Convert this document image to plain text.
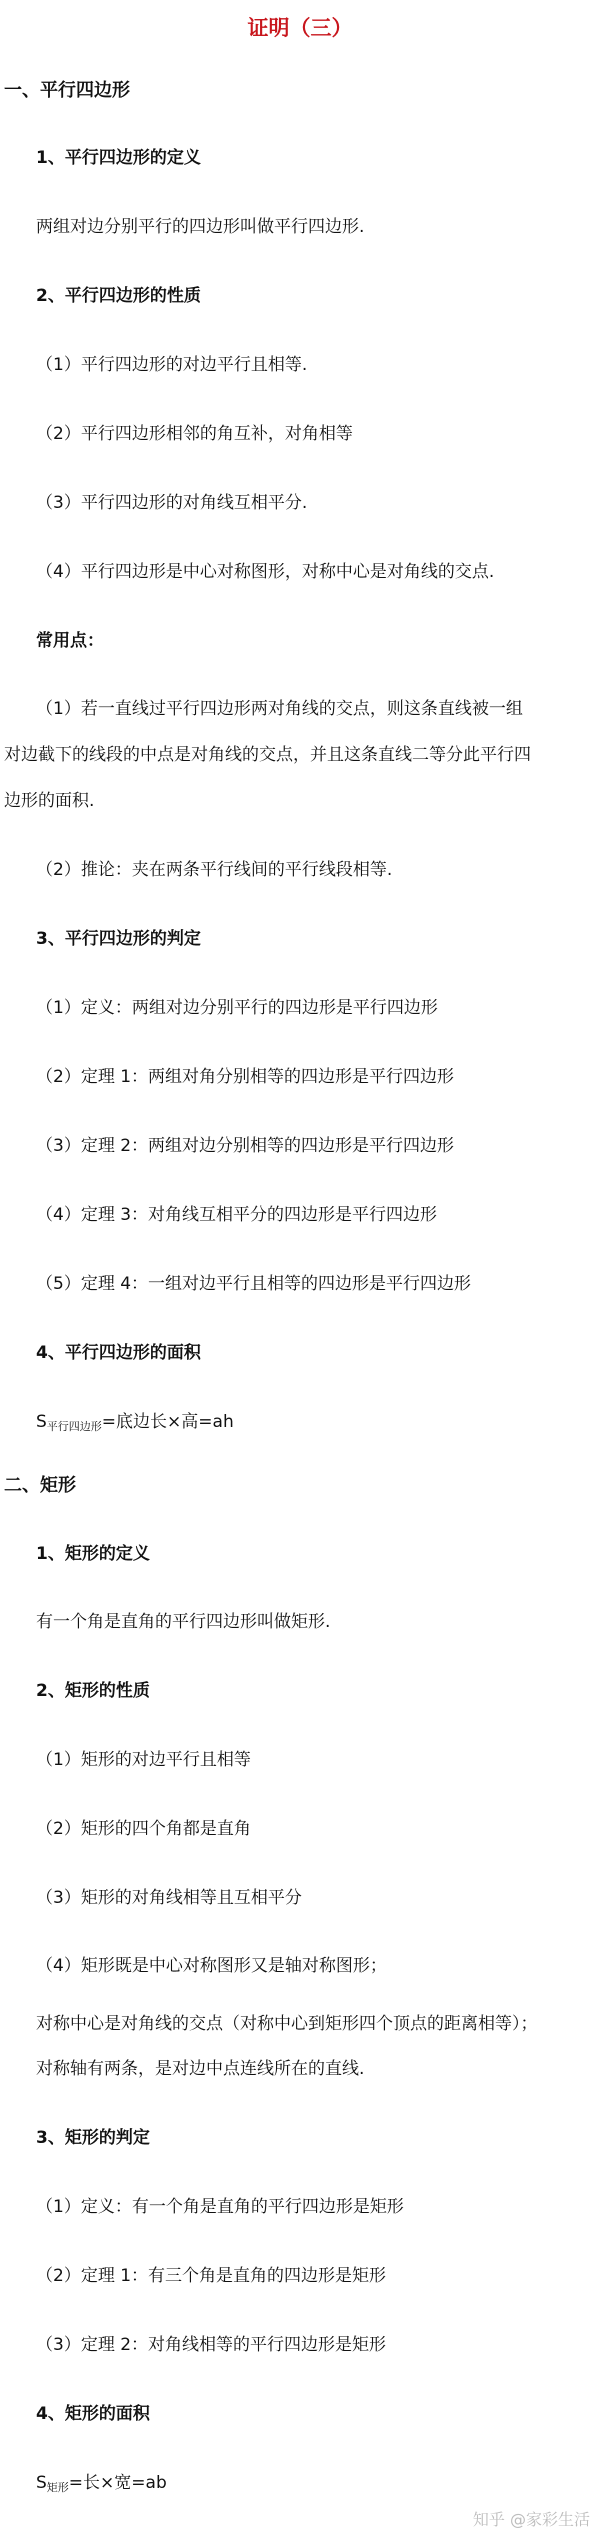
证明（三）
一、平行四边形
1、平行四边形的定义
两组对边分别平行的四边形叫做平行四边形.
2、平行四边形的性质
（1）平行四边形的对边平行且相等.
（2）平行四边形相邻的角互补，对角相等
（3）平行四边形的对角线互相平分.
（4）平行四边形是中心对称图形，对称中心是对角线的交点.
常用点：
（1）若一直线过平行四边形两对角线的交点，则这条直线被一组
对边截下的线段的中点是对角线的交点，并且这条直线二等分此平行四
边形的面积.
（2）推论：夹在两条平行线间的平行线段相等.
3、平行四边形的判定
（1）定义：两组对边分别平行的四边形是平行四边形
（2）定理 1：两组对角分别相等的四边形是平行四边形
（3）定理 2：两组对边分别相等的四边形是平行四边形
（4）定理 3：对角线互相平分的四边形是平行四边形
（5）定理 4：一组对边平行且相等的四边形是平行四边形
4、平行四边形的面积
S平行四边形=底边长×高=ah
二、矩形
1、矩形的定义
有一个角是直角的平行四边形叫做矩形.
2、矩形的性质
（1）矩形的对边平行且相等
（2）矩形的四个角都是直角
（3）矩形的对角线相等且互相平分
（4）矩形既是中心对称图形又是轴对称图形；
对称中心是对角线的交点（对称中心到矩形四个顶点的距离相等）；
对称轴有两条，是对边中点连线所在的直线.
3、矩形的判定
（1）定义：有一个角是直角的平行四边形是矩形
（2）定理 1：有三个角是直角的四边形是矩形
（3）定理 2：对角线相等的平行四边形是矩形
4、矩形的面积
S矩形=长×宽=ab
知乎 @家彩生活
